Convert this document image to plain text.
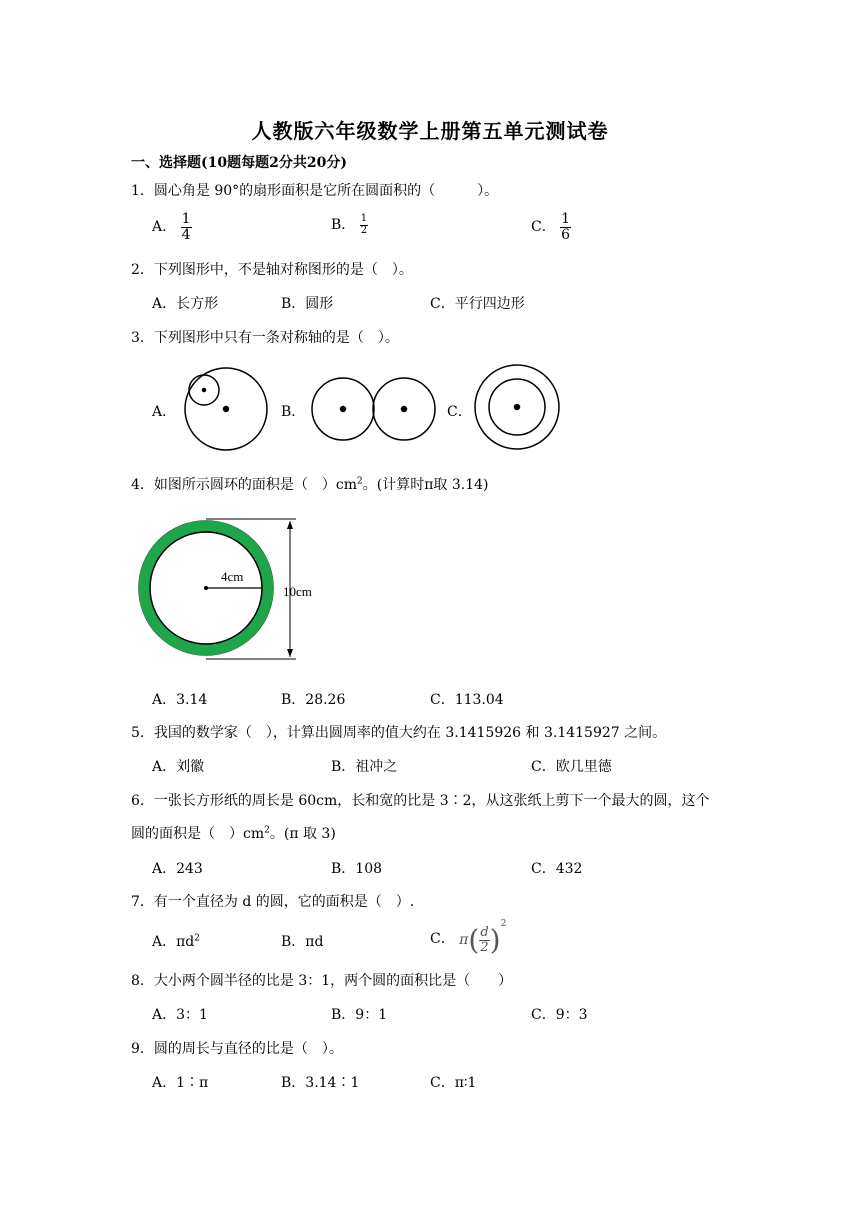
人教版六年级数学上册第五单元测试卷
一、选择题(10题每题2分共20分)
1．圆心角是 90°的扇形面积是它所在圆面积的（　　　）。
A． $\frac{1}{4}$	B． $\frac{1}{2}$	C． $\frac{1}{6}$
2．下列图形中，不是轴对称图形的是（　）。
A．长方形	B．圆形	C．平行四边形
3．下列图形中只有一条对称轴的是（　）。
A．	B．	C．
4．如图所示圆环的面积是（　）$cm^2$。(计算时π取 3.14)
4cm
10cm
A．3.14	B．28.26	C．113.04
5．我国的数学家（　），计算出圆周率的值大约在 3.1415926 和 3.1415927 之间。
A．刘徽	B．祖冲之	C．欧几里德
6．一张长方形纸的周长是 60cm，长和宽的比是 3∶2，从这张纸上剪下一个最大的圆，这个
圆的面积是（　）$cm^2$。(π 取 3)
A．243	B．108	C．432
7．有一个直径为 d 的圆，它的面积是（　）.
A．$\pi d^2$	B．πd	C． $\pi( \frac{d}{2} )^2$
8．大小两个圆半径的比是 3：1，两个圆的面积比是（　　）
A．3：1	B．9：1	C．9：3
9．圆的周长与直径的比是（　）。
A．1∶π	B．3.14∶1	C．π∶1
